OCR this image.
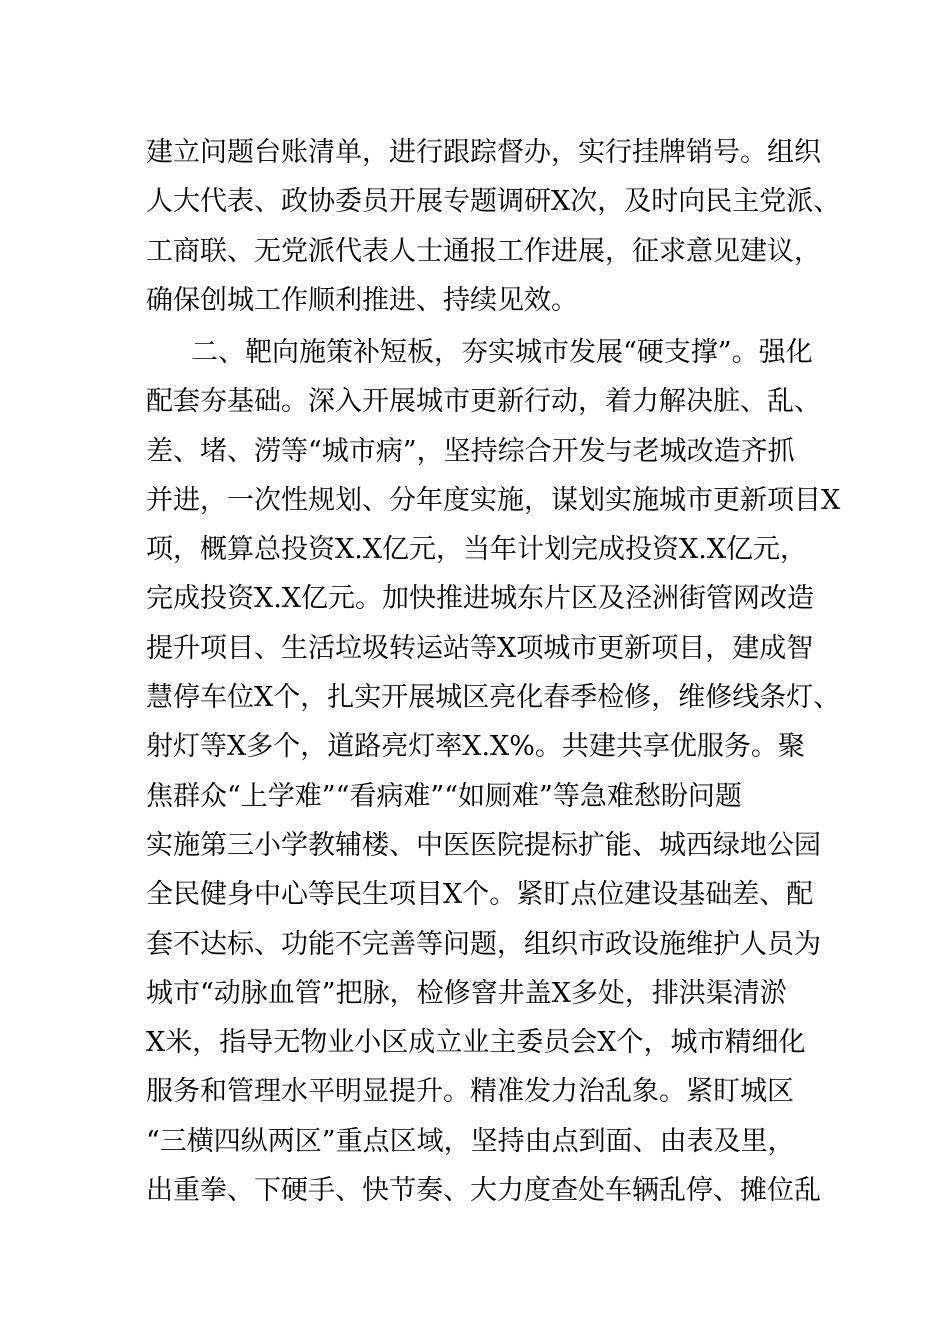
建立问题台账清单，进行跟踪督办，实行挂牌销号。组织
人大代表、政协委员开展专题调研X次，及时向民主党派、
工商联、无党派代表人士通报工作进展，征求意见建议，
确保创城工作顺利推进、持续见效。
二、靶向施策补短板，夯实城市发展“硬支撑”。强化
配套夯基础。深入开展城市更新行动，着力解决脏、乱、
差、堵、涝等“城市病”，坚持综合开发与老城改造齐抓
并进，一次性规划、分年度实施，谋划实施城市更新项目X
项，概算总投资X.X亿元，当年计划完成投资X.X亿元，
完成投资X.X亿元。加快推进城东片区及泾洲街管网改造
提升项目、生活垃圾转运站等X项城市更新项目，建成智
慧停车位X个，扎实开展城区亮化春季检修，维修线条灯、
射灯等X多个，道路亮灯率X.X%。共建共享优服务。聚
焦群众“上学难”“看病难”“如厕难”等急难愁盼问题
实施第三小学教辅楼、中医医院提标扩能、城西绿地公园
全民健身中心等民生项目X个。紧盯点位建设基础差、配
套不达标、功能不完善等问题，组织市政设施维护人员为
城市“动脉血管”把脉，检修窨井盖X多处，排洪渠清淤
X米，指导无物业小区成立业主委员会X个，城市精细化
服务和管理水平明显提升。精准发力治乱象。紧盯城区
“三横四纵两区”重点区域，坚持由点到面、由表及里，
出重拳、下硬手、快节奏、大力度查处车辆乱停、摊位乱
